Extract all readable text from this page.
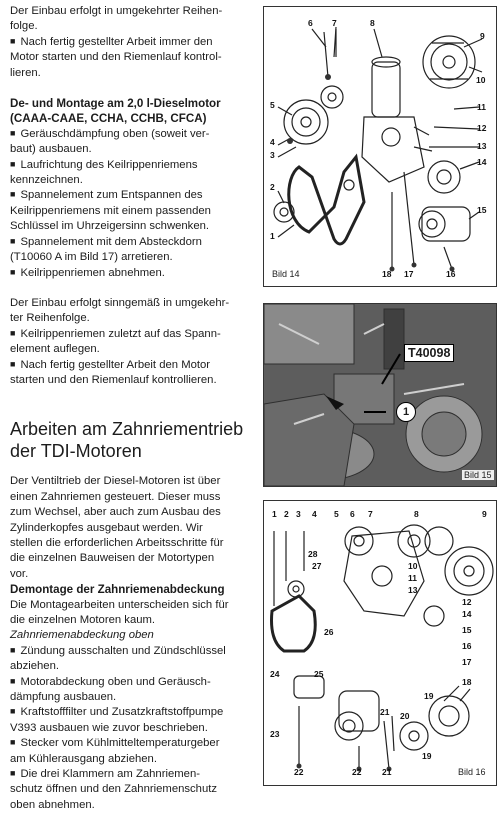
Der Einbau erfolgt in umgekehrter Reihen-

folge.

■ Nach fertig gestellter Arbeit immer den

Motor starten und den Riemenlauf kontrol-

lieren.

De- und Montage am 2,0 l-Dieselmotor

(CAAA-CAAE, CCHA, CCHB, CFCA)

■ Geräuschdämpfung oben (soweit ver-

baut) ausbauen.

■ Laufrichtung des Keilrippenriemens

kennzeichnen.

■ Spannelement zum Entspannen des

Keilrippenriemens mit einem passenden

Schlüssel im Uhrzeigersinn schwenken.

■ Spannelement mit dem Absteckdorn

(T10060 A im Bild 17) arretieren.

■ Keilrippenriemen abnehmen.

Der Einbau erfolgt sinngemäß in umgekehr-

ter Reihenfolge.

■ Keilrippenriemen zuletzt auf das Spann-

element auflegen.

■ Nach fertig gestellter Arbeit den Motor

starten und den Riemenlauf kontrollieren.

Arbeiten am Zahnriementrieb
der TDI-Motoren

Der Ventiltrieb der Diesel-Motoren ist über

einen Zahnriemen gesteuert. Dieser muss

zum Wechsel, aber auch zum Ausbau des

Zylinderkopfes ausgebaut werden. Wir

stellen die erforderlichen Arbeitsschritte für

die einzelnen Bauweisen der Motortypen

vor.

Demontage der Zahnriemenabdeckung

Die Montagearbeiten unterscheiden sich für

die einzelnen Motoren kaum.

Zahnriemenabdeckung oben

■ Zündung ausschalten und Zündschlüssel

abziehen.

■ Motorabdeckung oben und Geräusch-

dämpfung ausbauen.

■ Kraftstofffilter und Zusatzkraftstoffpumpe

V393 ausbauen wie zuvor beschrieben.

■ Stecker vom Kühlmitteltemperaturgeber

am Kühlerausgang abziehen.

■ Die drei Klammern am Zahnriemen-

schutz öffnen und den Zahnriemenschutz

oben abnehmen.

6 7	8
9
10
5	11
4
12
3
13
14
2
15
1
18 17	16
Bild 14
T40098
1
Bild 15
1 2 3 4 5 6 7	8	9
27
28
10
11
13
12
26
14
15
16
17
24	25
18
19
23
21 20
22	22 21
19
Bild 16
